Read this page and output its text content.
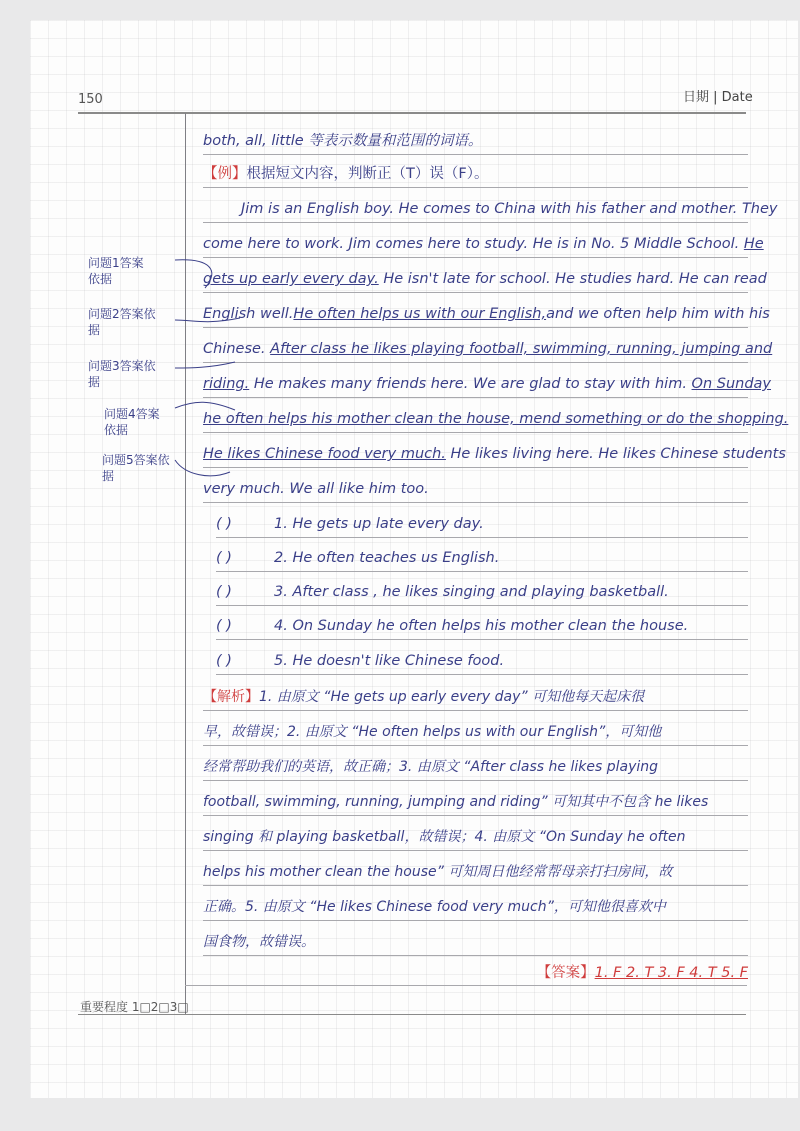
150	日期 | Date
both, all, little 等表示数量和范围的词语。
【例】根据短文内容，判断正（T）误（F）。
Jim is an English boy. He comes to China with his father and mother. They
come here to work. Jim comes here to study. He is in No. 5 Middle School. He
gets up early every day. He isn't late for school. He studies hard. He can read
English well.He often helps us with our English,and we often help him with his
Chinese. After class he likes playing football, swimming, running, jumping and
riding. He makes many friends here. We are glad to stay with him. On Sunday
he often helps his mother clean the house, mend something or do the shopping.
He likes Chinese food very much. He likes living here. He likes Chinese students
very much. We all like him too.
问题1答案依据
问题2答案依据
问题3答案依据
问题4答案依据
问题5答案依据
( )	1. He gets up late every day.
( )	2. He often teaches us English.
( )	3. After class , he likes singing and playing basketball.
( )	4. On Sunday he often helps his mother clean the house.
( )	5. He doesn't like Chinese food.
【解析】1. 由原文 “He gets up early every day” 可知他每天起床很
早，故错误；2. 由原文 “He often helps us with our English”，可知他
经常帮助我们的英语，故正确；3. 由原文 “After class he likes playing
football, swimming, running, jumping and riding” 可知其中不包含 he likes
singing 和 playing basketball，故错误；4. 由原文 “On Sunday he often
helps his mother clean the house” 可知周日他经常帮母亲打扫房间，故
正确。5. 由原文 “He likes Chinese food very much”，可知他很喜欢中
国食物，故错误。
【答案】1. F 2. T 3. F 4. T 5. F
重要程度 1□2□3□
